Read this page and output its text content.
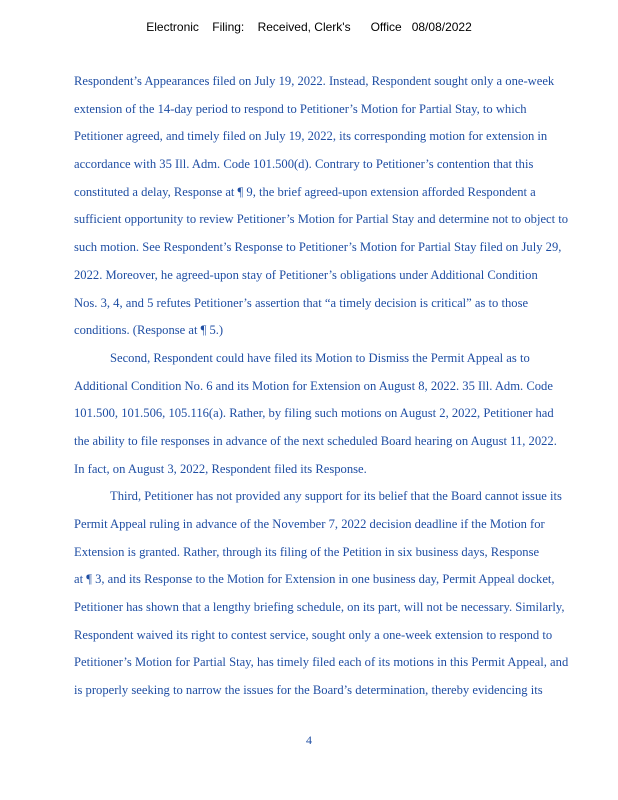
Electronic    Filing:    Received, Clerk's      Office   08/08/2022
Respondent’s Appearances filed on July 19, 2022. Instead, Respondent sought only a one-week
extension of the 14-day period to respond to Petitioner’s Motion for Partial Stay, to which
Petitioner agreed, and timely filed on July 19, 2022, its corresponding motion for extension in
accordance with 35 Ill. Adm. Code 101.500(d). Contrary to Petitioner’s contention that this
constituted a delay, Response at ¶ 9, the brief agreed-upon extension afforded Respondent a
sufficient opportunity to review Petitioner’s Motion for Partial Stay and determine not to object to
such motion. See Respondent’s Response to Petitioner’s Motion for Partial Stay filed on July 29,
2022. Moreover, he agreed-upon stay of Petitioner’s obligations under Additional Condition
Nos. 3, 4, and 5 refutes Petitioner’s assertion that “a timely decision is critical” as to those
conditions. (Response at ¶ 5.)
Second, Respondent could have filed its Motion to Dismiss the Permit Appeal as to
Additional Condition No. 6 and its Motion for Extension on August 8, 2022. 35 Ill. Adm. Code
101.500, 101.506, 105.116(a). Rather, by filing such motions on August 2, 2022, Petitioner had
the ability to file responses in advance of the next scheduled Board hearing on August 11, 2022.
In fact, on August 3, 2022, Respondent filed its Response.
Third, Petitioner has not provided any support for its belief that the Board cannot issue its
Permit Appeal ruling in advance of the November 7, 2022 decision deadline if the Motion for
Extension is granted. Rather, through its filing of the Petition in six business days, Response
at ¶ 3, and its Response to the Motion for Extension in one business day, Permit Appeal docket,
Petitioner has shown that a lengthy briefing schedule, on its part, will not be necessary. Similarly,
Respondent waived its right to contest service, sought only a one-week extension to respond to
Petitioner’s Motion for Partial Stay, has timely filed each of its motions in this Permit Appeal, and
is properly seeking to narrow the issues for the Board’s determination, thereby evidencing its
4
